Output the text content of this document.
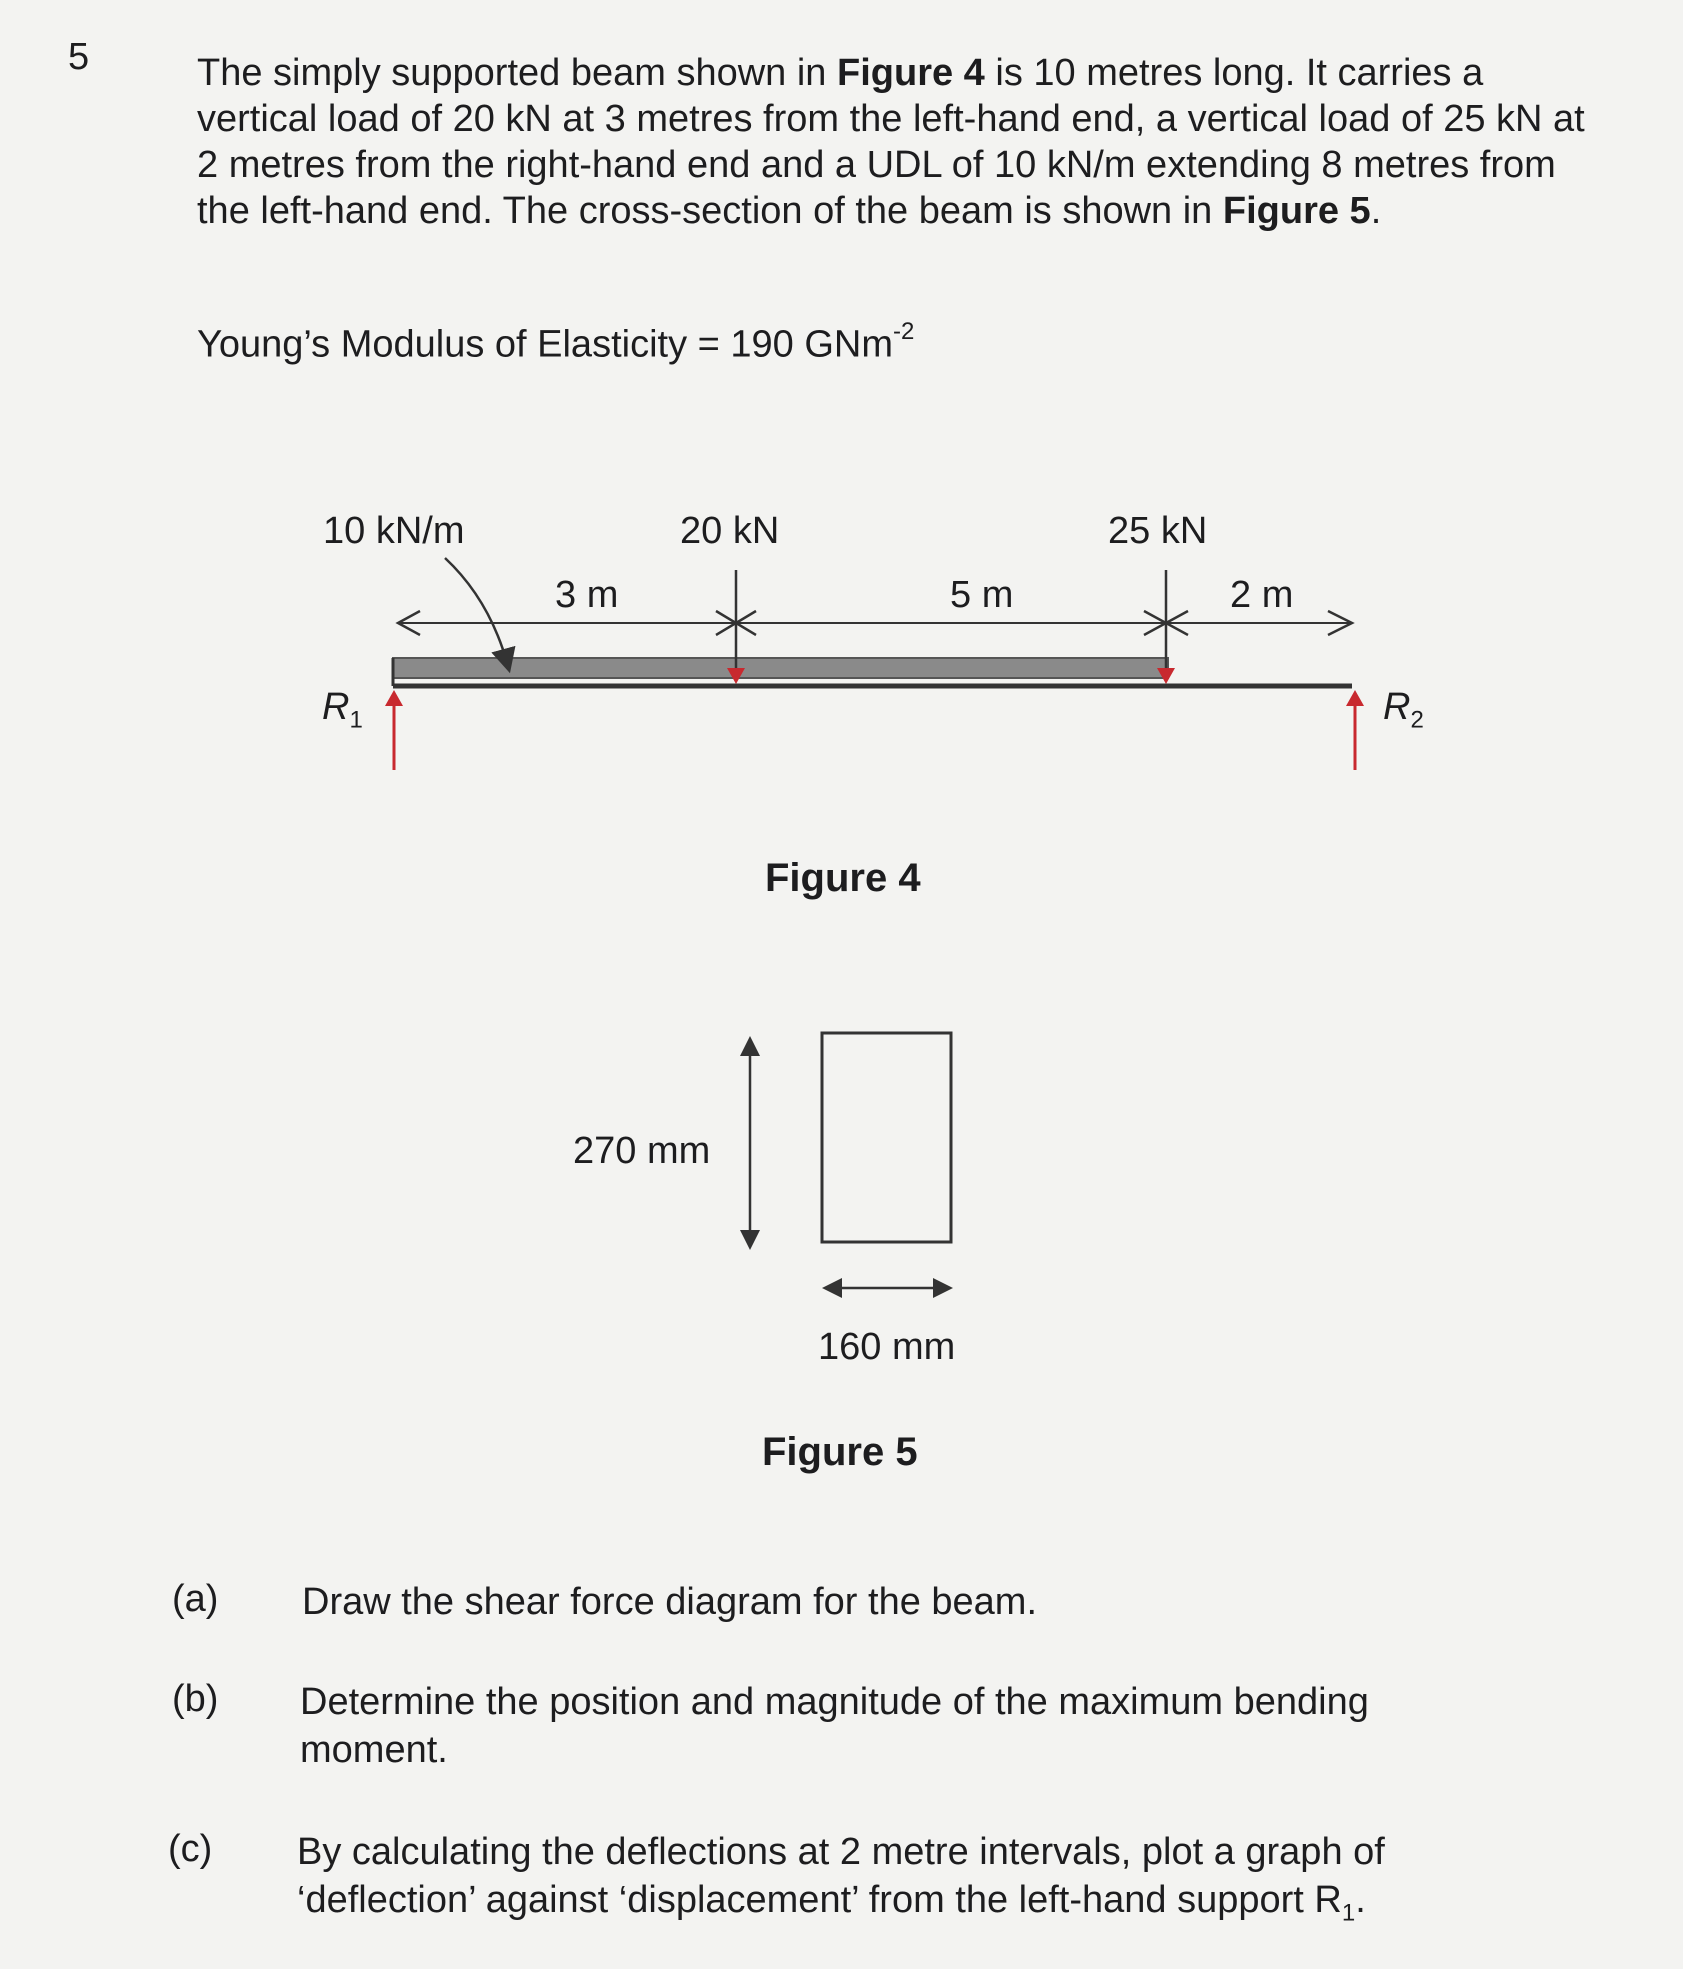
5	The simply supported beam shown in Figure 4 is 10 metres long. It carries a vertical load of 20 kN at 3 metres from the left-hand end, a vertical load of 25 kN at 2 metres from the right-hand end and a UDL of 10 kN/m extending 8 metres from the left-hand end. The cross-section of the beam is shown in Figure 5.
Young’s Modulus of Elasticity = 190 GNm$^{-2}$
10 kN/m	20 kN	25 kN
3 m	5 m	2 m
$R_1$	$R_2$
Figure 4
270 mm
160 mm
Figure 5
(a) Draw the shear force diagram for the beam.
(b) Determine the position and magnitude of the maximum bending moment.
(c) By calculating the deflections at 2 metre intervals, plot a graph of ‘deflection’ against ‘displacement’ from the left-hand support $R_1$.
